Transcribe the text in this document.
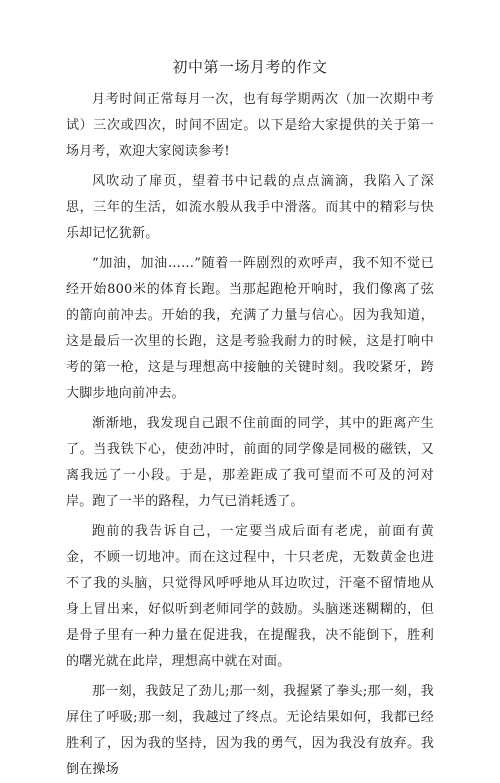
初中第一场月考的作文

月考时间正常每月一次，也有每学期两次（加一次期中考试）三次或四次，时间不固定。以下是给大家提供的关于第一场月考，欢迎大家阅读参考!

风吹动了扉页，望着书中记载的点点滴滴，我陷入了深思，三年的生活，如流水般从我手中滑落。而其中的精彩与快乐却记忆犹新。

“加油，加油……”随着一阵剧烈的欢呼声，我不知不觉已经开始800米的体育长跑。当那起跑枪开响时，我们像离了弦的箭向前冲去。开始的我，充满了力量与信心。因为我知道，这是最后一次里的长跑，这是考验我耐力的时候，这是打响中考的第一枪，这是与理想高中接触的关键时刻。我咬紧牙，跨大脚步地向前冲去。

渐渐地，我发现自己跟不住前面的同学，其中的距离产生了。当我铁下心，使劲冲时，前面的同学像是同极的磁铁，又离我远了一小段。于是，那差距成了我可望而不可及的河对岸。跑了一半的路程，力气已消耗透了。

跑前的我告诉自己，一定要当成后面有老虎，前面有黄金，不顾一切地冲。而在这过程中，十只老虎，无数黄金也进不了我的头脑，只觉得风呼呼地从耳边吹过，汗毫不留情地从身上冒出来，好似听到老师同学的鼓励。头脑迷迷糊糊的，但是骨子里有一种力量在促进我，在提醒我，决不能倒下，胜利的曙光就在此岸，理想高中就在对面。

那一刻，我鼓足了劲儿;那一刻，我握紧了拳头;那一刻，我屏住了呼吸;那一刻，我越过了终点。无论结果如何，我都已经胜利了，因为我的坚持，因为我的勇气，因为我没有放弃。我倒在操场
